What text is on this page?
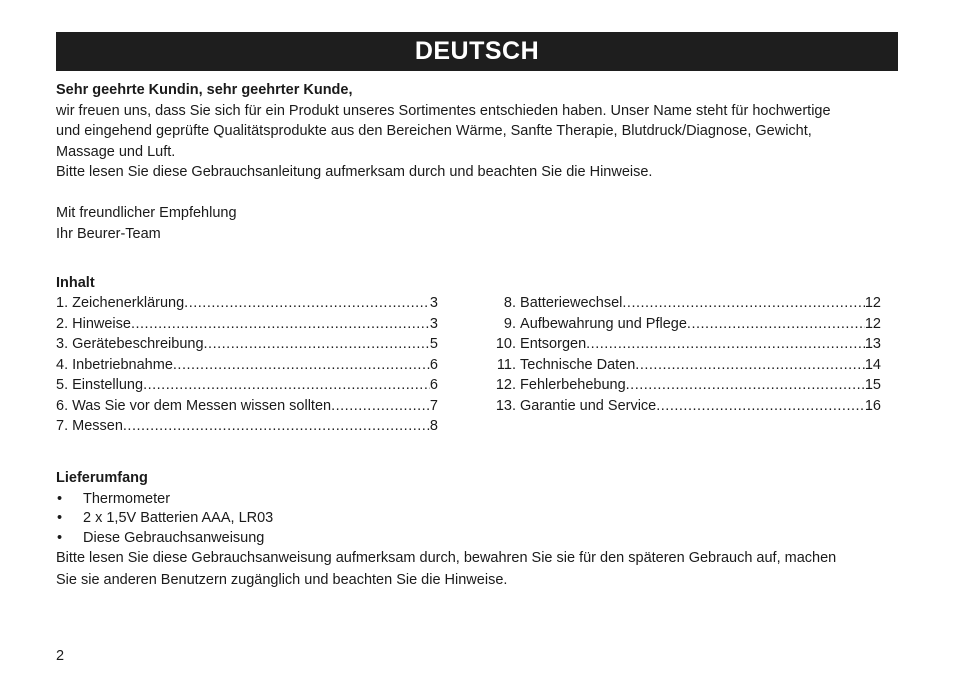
DEUTSCH
Sehr geehrte Kundin, sehr geehrter Kunde,
wir freuen uns, dass Sie sich für ein Produkt unseres Sortimentes entschieden haben. Unser Name steht für hochwertige
und eingehend geprüfte Qualitätsprodukte aus den Bereichen Wärme, Sanfte Therapie, Blutdruck/Diagnose, Gewicht,
Massage und Luft.
Bitte lesen Sie diese Gebrauchsanleitung aufmerksam durch und beachten Sie die Hinweise.

Mit freundlicher Empfehlung
Ihr Beurer-Team
Inhalt
1.
Zeichenerklärung .....	3
2.
Hinweise .....	3
3.
Gerätebeschreibung .....	5
4.
Inbetriebnahme .....	6
5.
Einstellung .....	6
6.
Was Sie vor dem Messen wissen sollten .....	7
7.
Messen .....	8
8.
Batteriewechsel .....	12
9.
Aufbewahrung und Pflege .....	12
10.
Entsorgen .....	13
11.
Technische Daten .....	14
12.
Fehlerbehebung .....	15
13.
Garantie und Service .....	16
Lieferumfang
•	Thermometer
•	2 x 1,5V Batterien AAA, LR03
•	Diese Gebrauchsanweisung
Bitte lesen Sie diese Gebrauchsanweisung aufmerksam durch, bewahren Sie sie für den späteren Gebrauch auf, machen
Sie sie anderen Benutzern zugänglich und beachten Sie die Hinweise.
2
